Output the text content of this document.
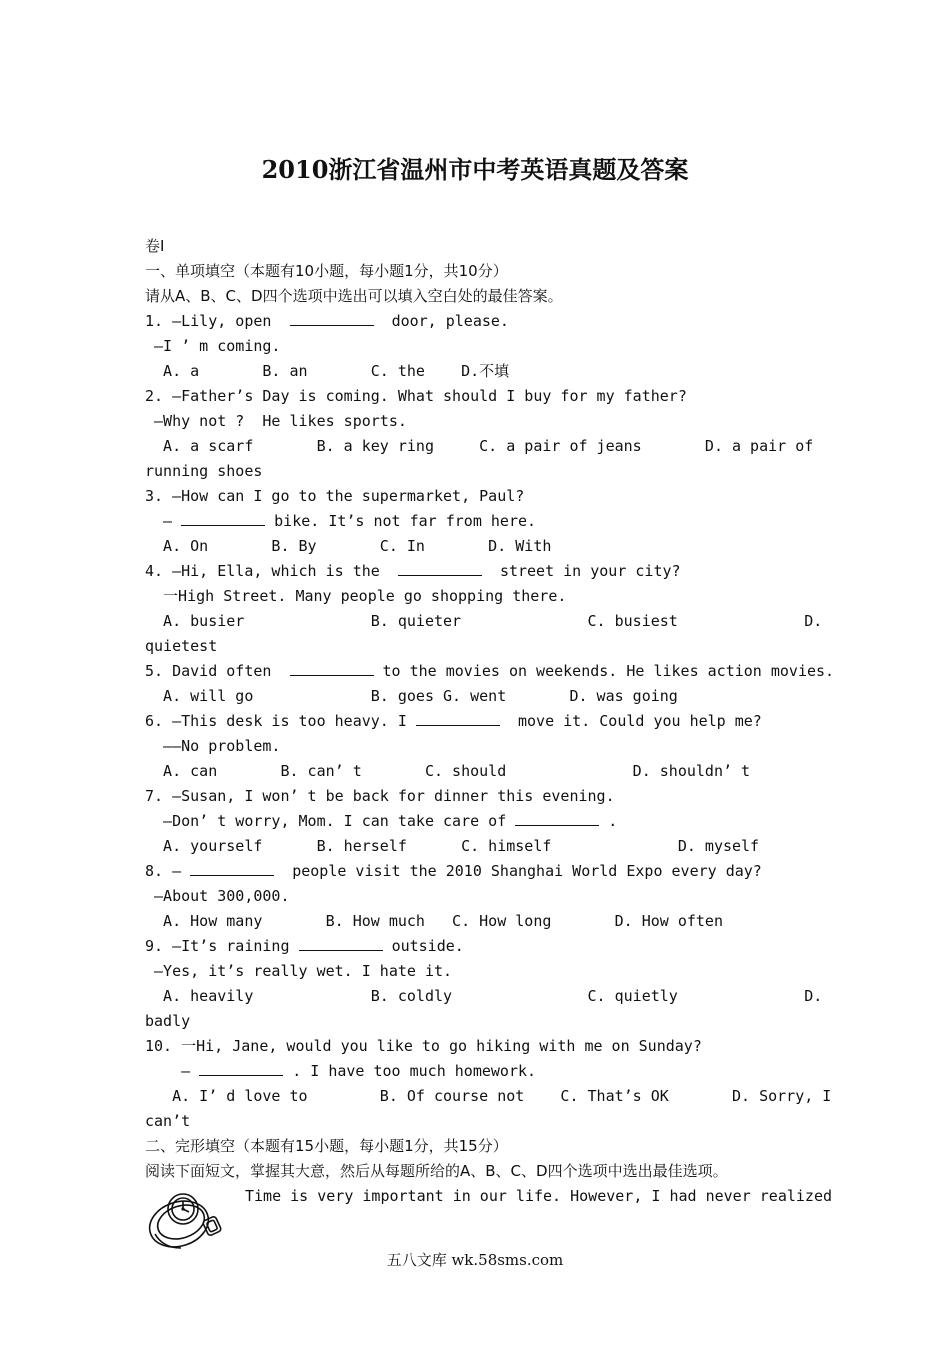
2010浙江省温州市中考英语真题及答案
卷Ⅰ
一、单项填空（本题有10小题，每小题1分，共10分）
请从A、B、C、D四个选项中选出可以填入空白处的最佳答案。
1. —Lily, open	door, please.
—I ’ m coming.
A. a       B. an       C. the    D.不填
2. —Father’s Day is coming. What should I buy for my father?
—Why not ?  He likes sports.
A. a scarf       B. a key ring     C. a pair of jeans       D. a pair of
running shoes
3. —How can I go to the supermarket, Paul?
—	bike. It’s not far from here.
A. On       B. By       C. In       D. With
4. —Hi, Ella, which is the	street in your city?
一High Street. Many people go shopping there.
A. busier              B. quieter              C. busiest              D.
quietest
5. David often	to the movies on weekends. He likes action movies.
A. will go             B. goes G. went       D. was going
6. —This desk is too heavy. I	move it. Could you help me?
——No problem.
A. can       B. can’ t       C. should              D. shouldn’ t
7. —Susan, I won’ t be back for dinner this evening.
—Don’ t worry, Mom. I can take care of	.
A. yourself      B. herself      C. himself              D. myself
8. —	people visit the 2010 Shanghai World Expo every day?
—About 300,000.
A. How many       B. How much   C. How long       D. How often
9. —It’s raining	outside.
—Yes, it’s really wet. I hate it.
A. heavily             B. coldly               C. quietly              D.
badly
10. 一Hi, Jane, would you like to go hiking with me on Sunday?
—	. I have too much homework.
A. I’ d love to        B. Of course not    C. That’s OK       D. Sorry, I
can’t
二、完形填空（本题有15小题，每小题1分，共15分）
阅读下面短文，掌握其大意，然后从每题所给的A、B、C、D四个选项中选出最佳选项。
Time is very important in our life. However, I had never realized
五八文库 wk.58sms.com
